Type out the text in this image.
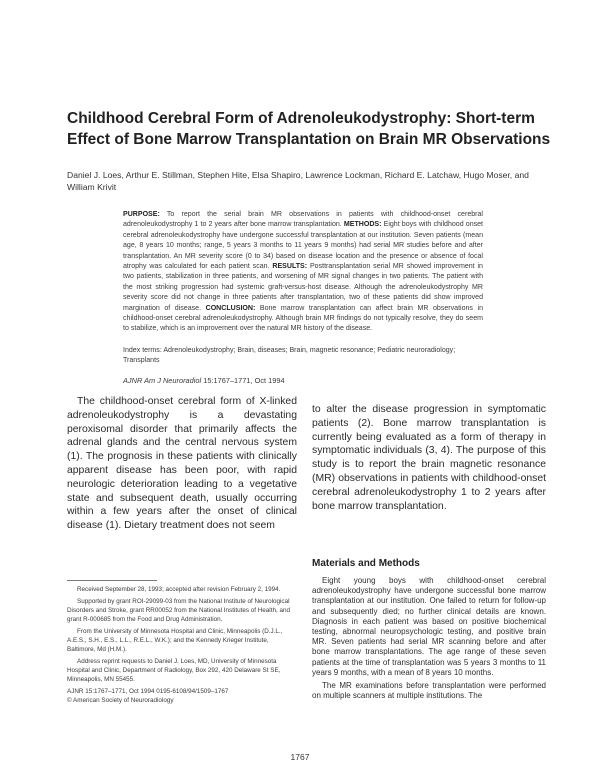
Childhood Cerebral Form of Adrenoleukodystrophy: Short-term Effect of Bone Marrow Transplantation on Brain MR Observations
Daniel J. Loes, Arthur E. Stillman, Stephen Hite, Elsa Shapiro, Lawrence Lockman, Richard E. Latchaw, Hugo Moser, and William Krivit
PURPOSE: To report the serial brain MR observations in patients with childhood-onset cerebral adrenoleukodystrophy 1 to 2 years after bone marrow transplantation. METHODS: Eight boys with childhood onset cerebral adrenoleukodystrophy have undergone successful transplantation at our institution. Seven patients (mean age, 8 years 10 months; range, 5 years 3 months to 11 years 9 months) had serial MR studies before and after transplantation. An MR severity score (0 to 34) based on disease location and the presence or absence of focal atrophy was calculated for each patient scan. RESULTS: Posttransplantation serial MR showed improvement in two patients, stabilization in three patients, and worsening of MR signal changes in two patients. The patient with the most striking progression had systemic graft-versus-host disease. Although the adrenoleukodystrophy MR severity score did not change in three patients after transplantation, two of these patients did show improved margination of disease. CONCLUSION: Bone marrow transplantation can affect brain MR observations in childhood-onset cerebral adrenoleukodystrophy. Although brain MR findings do not typically resolve, they do seem to stabilize, which is an improvement over the natural MR history of the disease.
Index terms: Adrenoleukodystrophy; Brain, diseases; Brain, magnetic resonance; Pediatric neuroradiology; Transplants
AJNR Am J Neuroradiol 15:1767–1771, Oct 1994
The childhood-onset cerebral form of X-linked adrenoleukodystrophy is a devastating peroxisomal disorder that primarily affects the adrenal glands and the central nervous system (1). The prognosis in these patients with clinically apparent disease has been poor, with rapid neurologic deterioration leading to a vegetative state and subsequent death, usually occurring within a few years after the onset of clinical disease (1). Dietary treatment does not seem
to alter the disease progression in symptomatic patients (2). Bone marrow transplantation is currently being evaluated as a form of therapy in symptomatic individuals (3, 4). The purpose of this study is to report the brain magnetic resonance (MR) observations in patients with childhood-onset cerebral adrenoleukodystrophy 1 to 2 years after bone marrow transplantation.
Materials and Methods

Eight young boys with childhood-onset cerebral adrenoleukodystrophy have undergone successful bone marrow transplantation at our institution. One failed to return for follow-up and subsequently died; no further clinical details are known. Diagnosis in each patient was based on positive biochemical testing, abnormal neuropsychologic testing, and positive brain MR. Seven patients had serial MR scanning before and after bone marrow transplantations. The age range of these seven patients at the time of transplantation was 5 years 3 months to 11 years 9 months, with a mean of 8 years 10 months.

The MR examinations before transplantation were performed on multiple scanners at multiple institutions. The

Received September 28, 1993; accepted after revision February 2, 1994.

Supported by grant ROI-29099-03 from the National Institute of Neurological Disorders and Stroke, grant RR00052 from the National Institutes of Health, and grant R-000685 from the Food and Drug Administration.

From the University of Minnesota Hospital and Clinic, Minneapolis (D.J.L., A.E.S., S.H., E.S., L.L., R.E.L., W.K.); and the Kennedy Krieger Institute, Baltimore, Md (H.M.).

Address reprint requests to Daniel J. Loes, MD, University of Minnesota Hospital and Clinic, Department of Radiology, Box 292, 420 Delaware St SE, Minneapolis, MN 55455.

AJNR 15:1767–1771, Oct 1994 0195-6108/94/1509–1767

© American Society of Neuroradiology

1767
